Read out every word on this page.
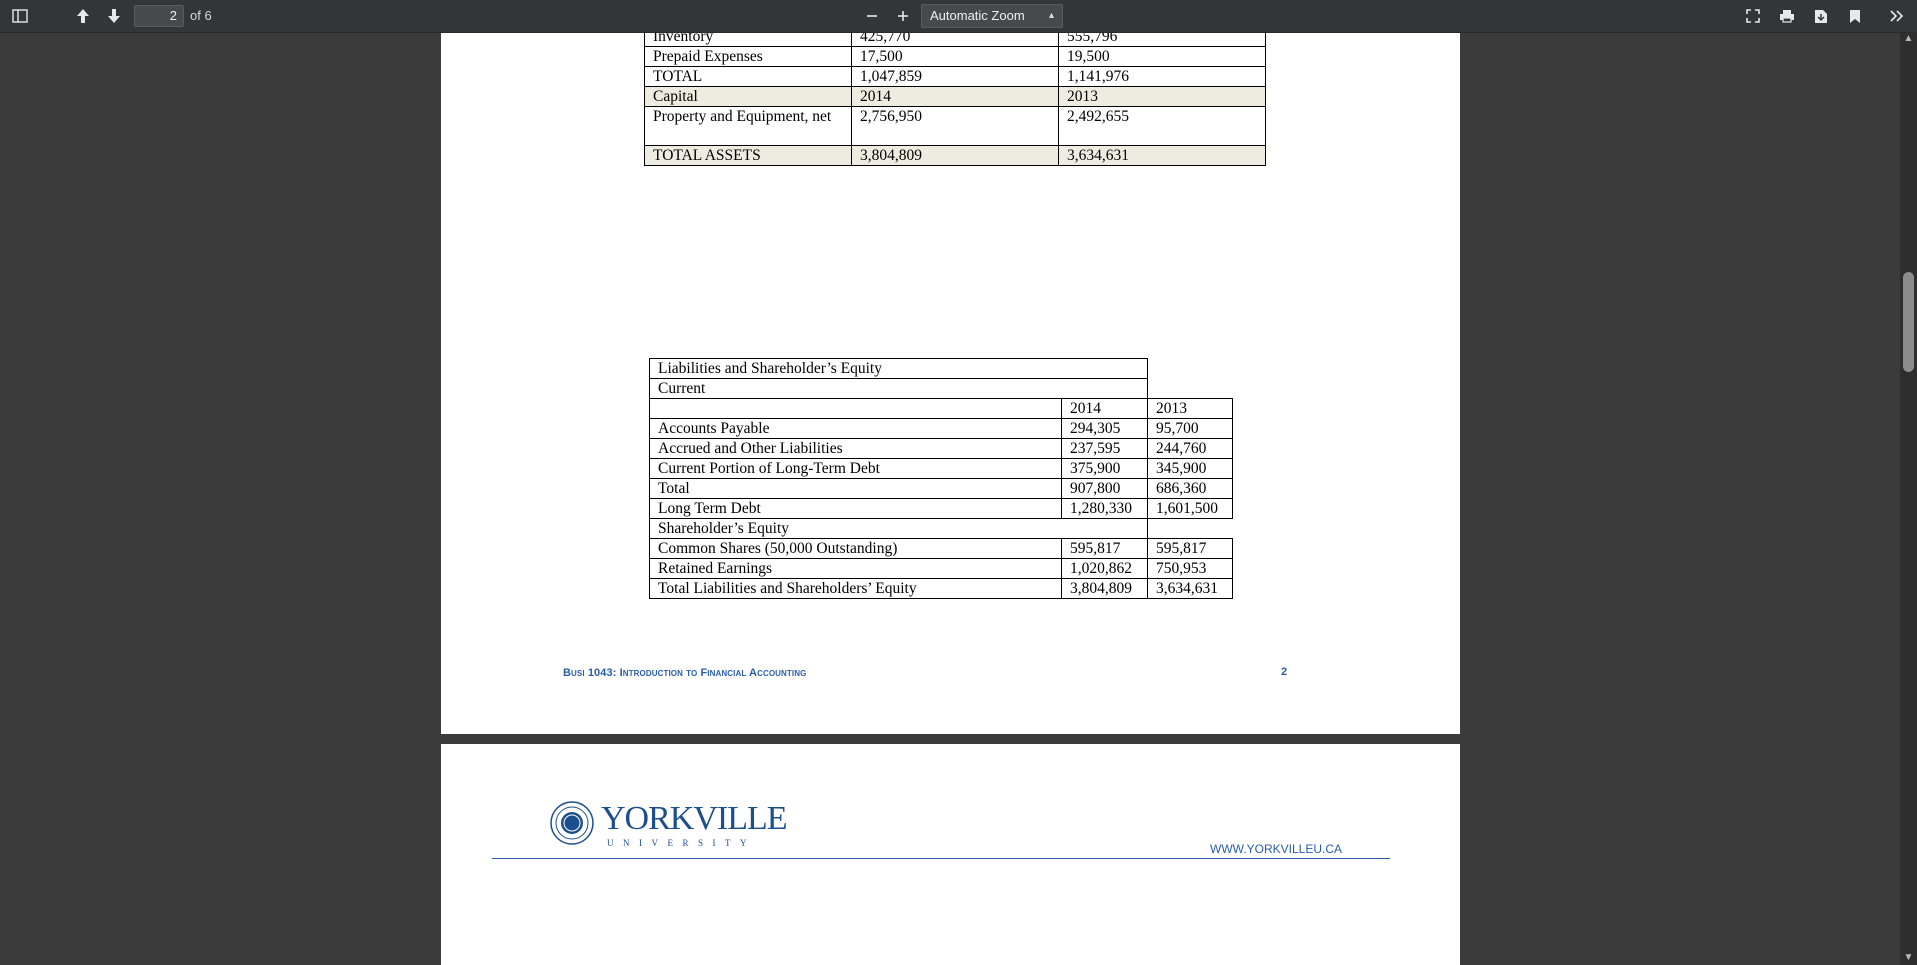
2	of 6	Automatic Zoom ▴

Inventory	425,770	555,796
Prepaid Expenses	17,500	19,500
TOTAL	1,047,859	1,141,976
Capital	2014	2013
Property and Equipment, net	2,756,950	2,492,655
TOTAL ASSETS	3,804,809	3,634,631
Liabilities and Shareholder’s Equity		
Current		
	2014	2013
Accounts Payable	294,305	95,700
Accrued and Other Liabilities	237,595	244,760
Current Portion of Long-Term Debt	375,900	345,900
Total	907,800	686,360
Long Term Debt	1,280,330	1,601,500
Shareholder’s Equity		
Common Shares (50,000 Outstanding)	595,817	595,817
Retained Earnings	1,020,862	750,953
Total Liabilities and Shareholders’ Equity	3,804,809	3,634,631
Busi 1043: Introduction to Financial Accounting	2
YORKVILLE
UNIVERSITY	WWW.YORKVILLEU.CA
▲
▼
